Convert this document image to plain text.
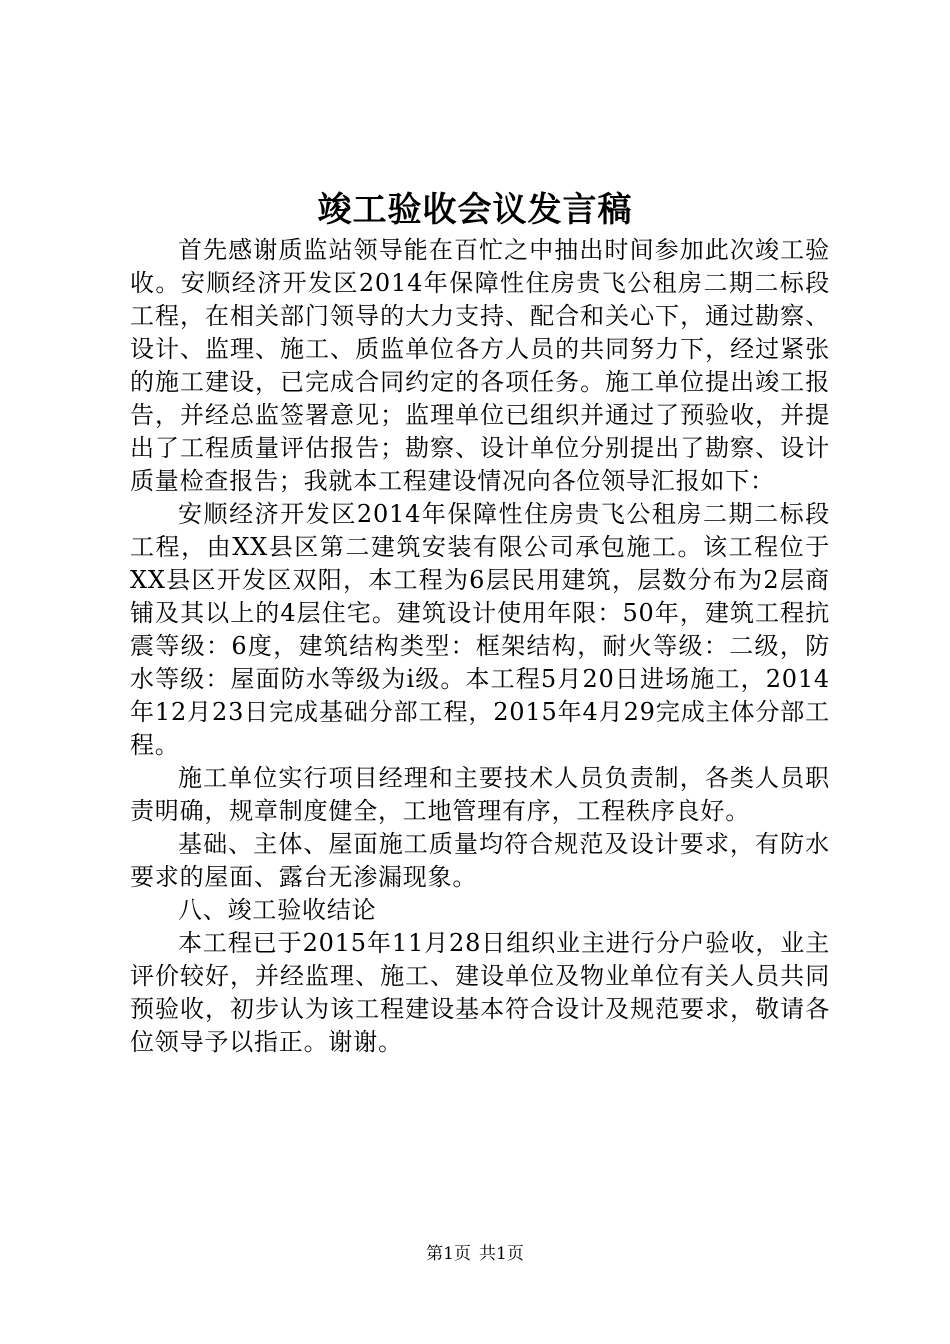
竣工验收会议发言稿

首先感谢质监站领导能在百忙之中抽出时间参加此次竣工验收。安顺经济开发区2014年保障性住房贵飞公租房二期二标段工程，在相关部门领导的大力支持、配合和关心下，通过勘察、设计、监理、施工、质监单位各方人员的共同努力下，经过紧张的施工建设，已完成合同约定的各项任务。施工单位提出竣工报告，并经总监签署意见；监理单位已组织并通过了预验收，并提出了工程质量评估报告；勘察、设计单位分别提出了勘察、设计质量检查报告；我就本工程建设情况向各位领导汇报如下：

安顺经济开发区2014年保障性住房贵飞公租房二期二标段工程，由XX县区第二建筑安装有限公司承包施工。该工程位于XX县区开发区双阳，本工程为6层民用建筑，层数分布为2层商铺及其以上的4层住宅。建筑设计使用年限：50年，建筑工程抗震等级：6度，建筑结构类型：框架结构，耐火等级：二级，防水等级：屋面防水等级为ⅰ级。本工程5月20日进场施工，2014年12月23日完成基础分部工程，2015年4月29完成主体分部工程。

施工单位实行项目经理和主要技术人员负责制，各类人员职责明确，规章制度健全，工地管理有序，工程秩序良好。

基础、主体、屋面施工质量均符合规范及设计要求，有防水要求的屋面、露台无渗漏现象。

八、竣工验收结论

本工程已于2015年11月28日组织业主进行分户验收，业主评价较好，并经监理、施工、建设单位及物业单位有关人员共同预验收，初步认为该工程建设基本符合设计及规范要求，敬请各位领导予以指正。谢谢。

第1页 共1页
